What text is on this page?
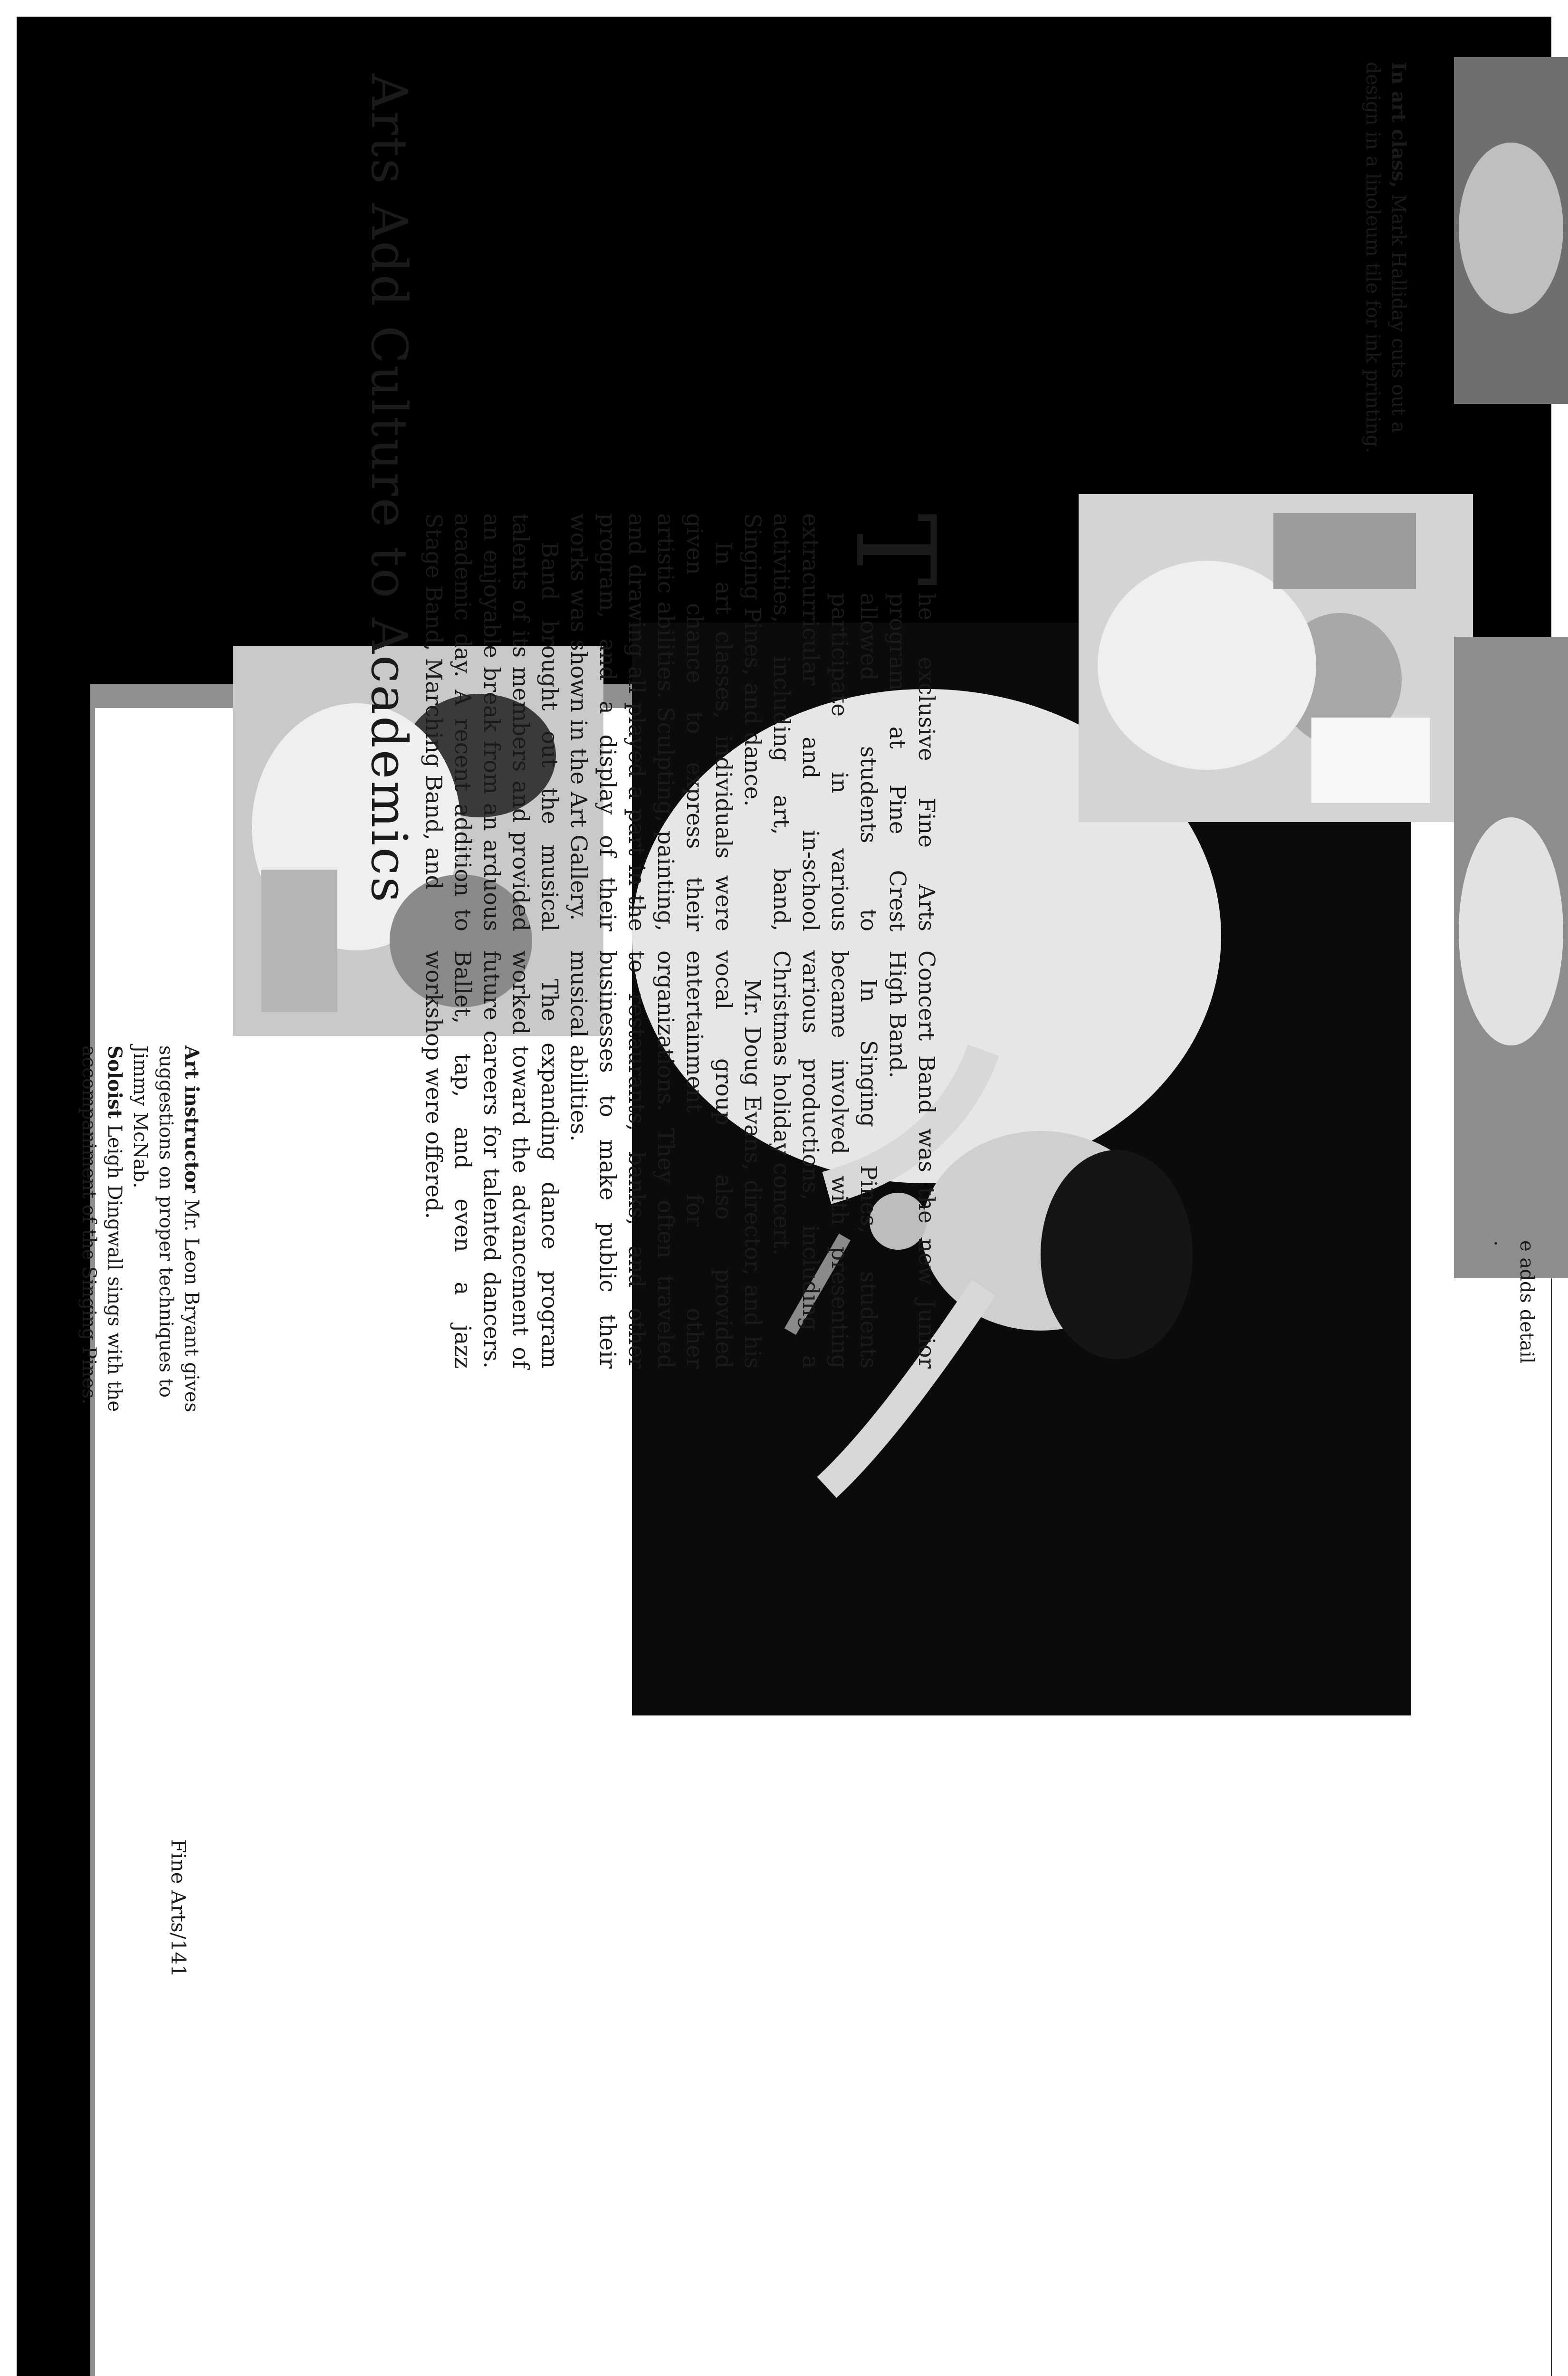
Arts Add Culture to Academics	T
he exclusive Fine Arts program at Pine Crest allowed students to participate in various extracurricular and in-school activities, including art, band, Singing Pines, and dance.

In art classes, individuals were given chance to express their artistic abilities. Sculpting, painting, and drawing all played a part in the program, and a display of their works was shown in the Art Gallery.

Band brought out the musical talents of its members and provided an enjoyable break from an arduous academic day. A recent addition to Stage Band, Marching Band, and

Concert Band was the new Junior High Band.

In Singing Pines, students became involved with presenting various productions, including a Christmas holiday concert.

Mr. Doug Evans, director, and his vocal group also provided entertainment for other organizations. They often traveled to restaurants, banks, and other businesses to make public their musical abilities.

The expanding dance program worked toward the advancement of future careers for talented dancers. Ballet, tap, and even a jazz workshop were offered.

Art instructor Mr. Leon Bryant gives suggestions on proper techniques to Jimmy McNab.
Soloist Leigh Dingwall sings with the accompaniment of the Singing Pines.
In art class, Mark Halliday cuts out a design in a linoleum tile for ink printing.
e adds detail
.
Fine Arts/141
